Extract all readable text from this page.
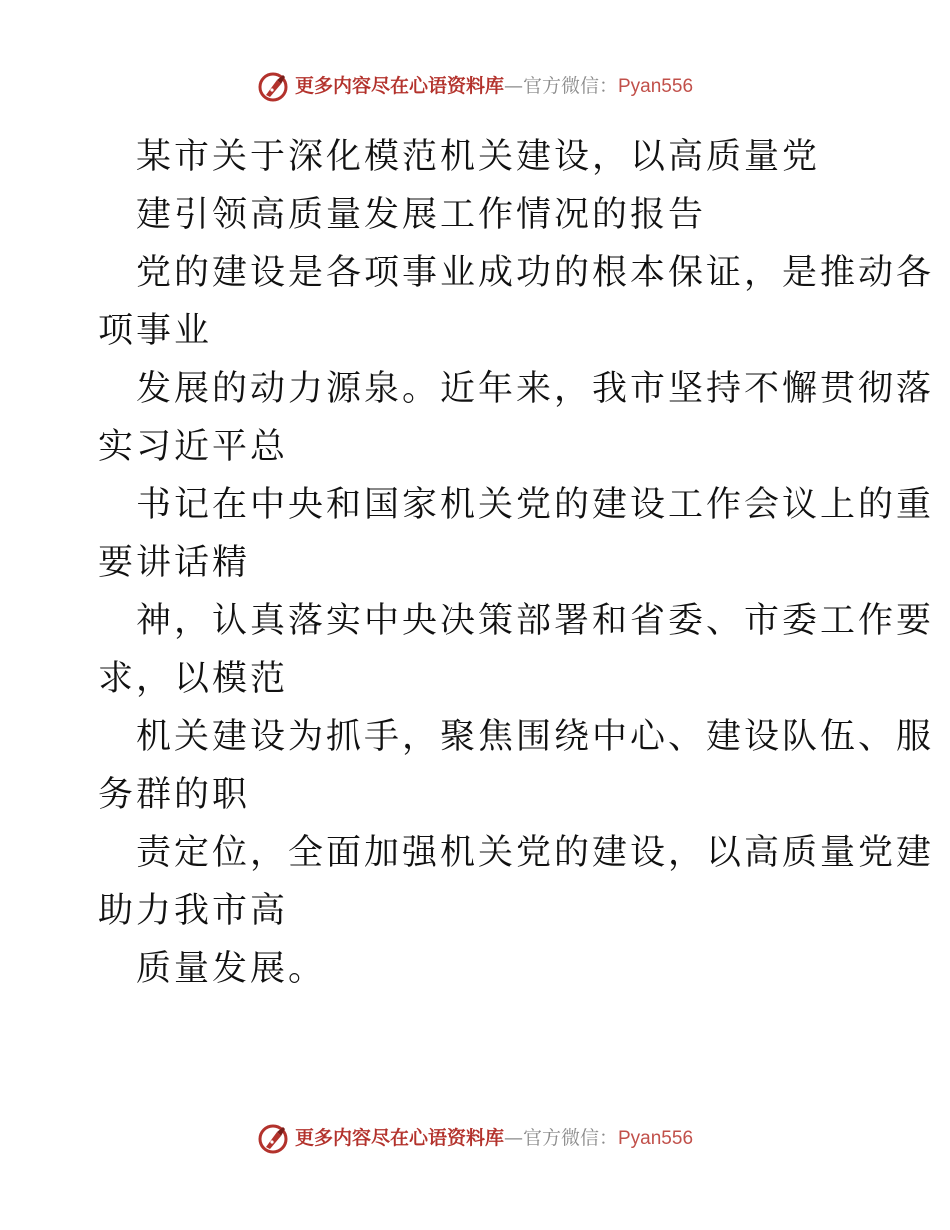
更多内容尽在心语资料库 — 官方微信： Pyan556
某市关于深化模范机关建设，以高质量党
建引领高质量发展工作情况的报告
党的建设是各项事业成功的根本保证，是推动各
项事业
发展的动力源泉。近年来，我市坚持不懈贯彻落
实习近平总
书记在中央和国家机关党的建设工作会议上的重
要讲话精
神，认真落实中央决策部署和省委、市委工作要
求，以模范
机关建设为抓手，聚焦围绕中心、建设队伍、服
务群的职
责定位，全面加强机关党的建设，以高质量党建
助力我市高
质量发展。
更多内容尽在心语资料库 — 官方微信： Pyan556
